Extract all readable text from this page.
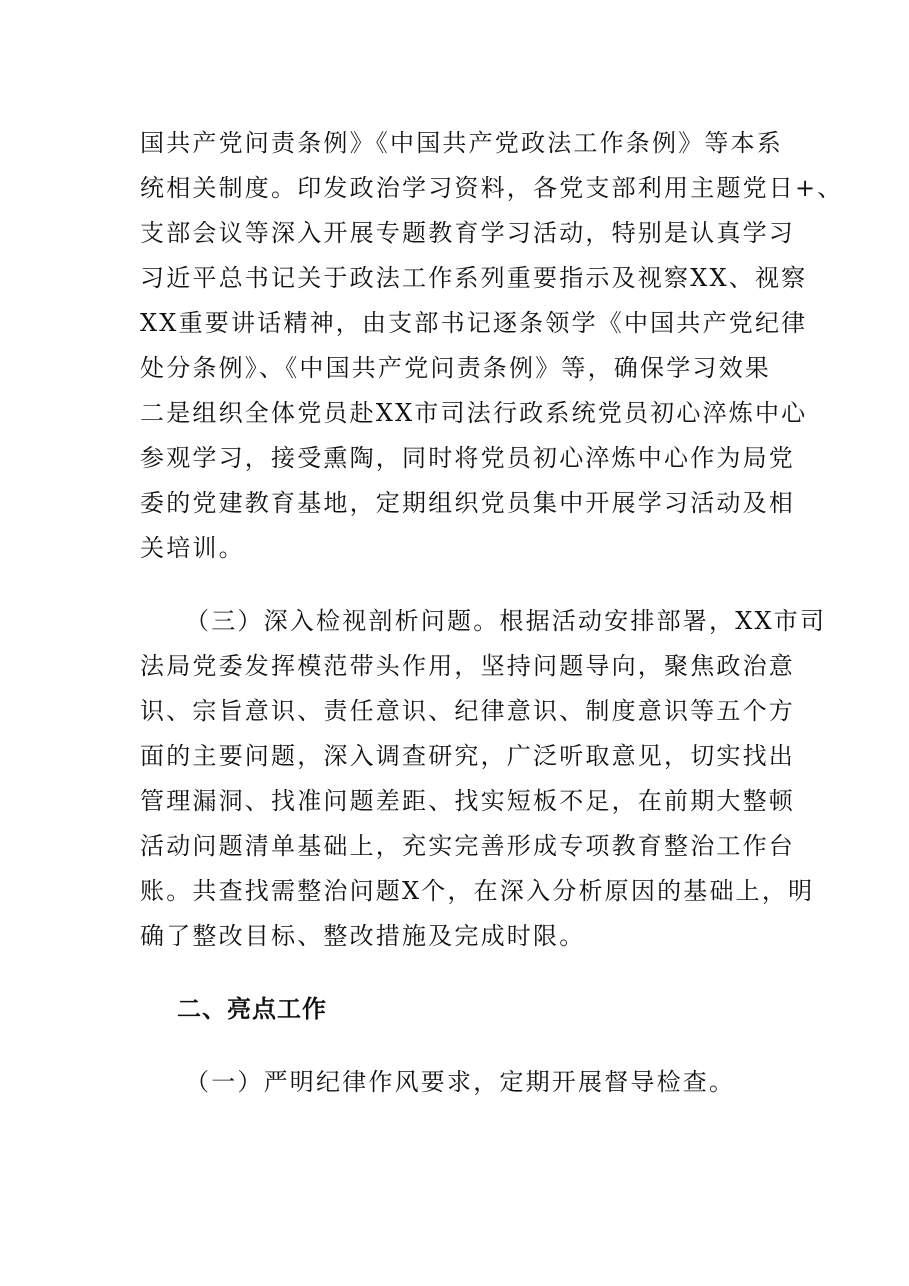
国共产党问责条例》《中国共产党政法工作条例》等本系
统相关制度。印发政治学习资料，各党支部利用主题党日+、
支部会议等深入开展专题教育学习活动，特别是认真学习
习近平总书记关于政法工作系列重要指示及视察XX、视察
XX重要讲话精神，由支部书记逐条领学《中国共产党纪律
处分条例》、《中国共产党问责条例》等，确保学习效果
二是组织全体党员赴XX市司法行政系统党员初心淬炼中心
参观学习，接受熏陶，同时将党员初心淬炼中心作为局党
委的党建教育基地，定期组织党员集中开展学习活动及相
关培训。
（三）深入检视剖析问题。根据活动安排部署，XX市司
法局党委发挥模范带头作用，坚持问题导向，聚焦政治意
识、宗旨意识、责任意识、纪律意识、制度意识等五个方
面的主要问题，深入调查研究，广泛听取意见，切实找出
管理漏洞、找准问题差距、找实短板不足，在前期大整顿
活动问题清单基础上，充实完善形成专项教育整治工作台
账。共查找需整治问题X个，在深入分析原因的基础上，明
确了整改目标、整改措施及完成时限。
二、亮点工作
（一）严明纪律作风要求，定期开展督导检查。
